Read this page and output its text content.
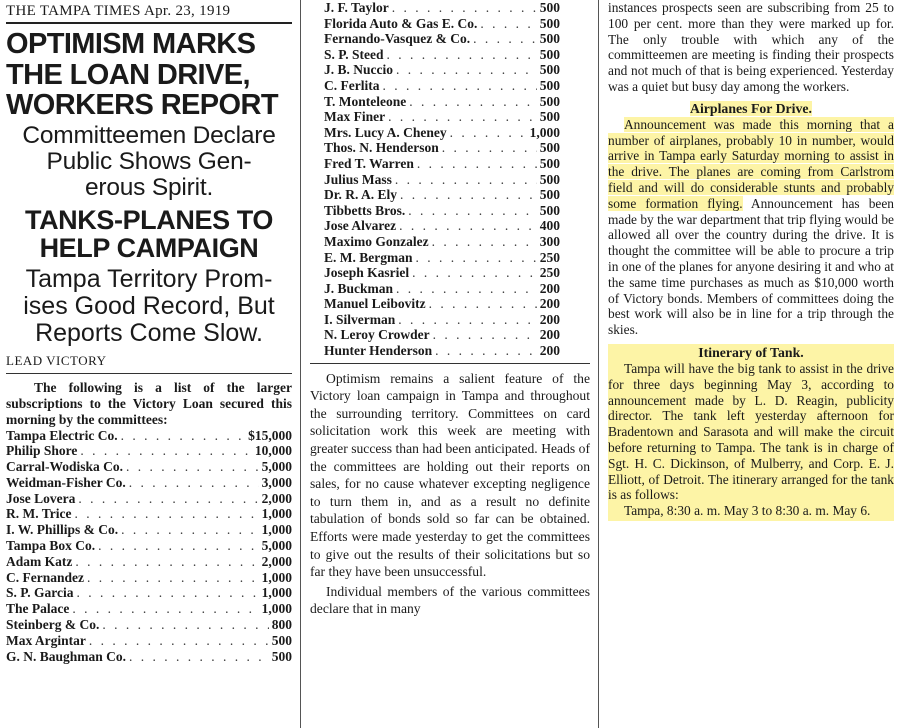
THE TAMPA TIMES Apr. 23, 1919
OPTIMISM MARKS
THE LOAN DRIVE,
WORKERS REPORT
Committeemen Declare
Public Shows Gen-
erous Spirit.
TANKS-PLANES TO
HELP CAMPAIGN
Tampa Territory Prom-
ises Good Record, But
Reports Come Slow.
LEAD VICTORY

The following is a list of the larger subscriptions to the Victory Loan secured this morning by the committees:

Tampa Electric Co. . . .	$15,000
Philip Shore . . .	10,000
Carral-Wodiska Co. . . .	5,000
Weidman-Fisher Co. . . .	3,000
Jose Lovera . . .	2,000
R. M. Trice . . .	1,000
I. W. Phillips & Co. . . .	1,000
Tampa Box Co. . . .	5,000
Adam Katz . . .	2,000
C. Fernandez . . .	1,000
S. P. Garcia . . .	1,000
The Palace . . .	1,000
Steinberg & Co. . . .	800
Max Argintar . . .	500
G. N. Baughman Co. . . .	500
J. F. Taylor . . .	500
Florida Auto & Gas E. Co. . . .	500
Fernando-Vasquez & Co. . . .	500
S. P. Steed . . .	500
J. B. Nuccio . . .	500
C. Ferlita . . .	500
T. Monteleone . . .	500
Max Finer . . .	500
Mrs. Lucy A. Cheney . . .	1,000
Thos. N. Henderson . . .	500
Fred T. Warren . . .	500
Julius Mass . . .	500
Dr. R. A. Ely . . .	500
Tibbetts Bros. . . .	500
Jose Alvarez . . .	400
Maximo Gonzalez . . .	300
E. M. Bergman . . .	250
Joseph Kasriel . . .	250
J. Buckman . . .	200
Manuel Leibovitz . . .	200
I. Silverman . . .	200
N. Leroy Crowder . . .	200
Hunter Henderson . . .	200

Optimism remains a salient feature of the Victory loan campaign in Tampa and throughout the surrounding territory. Committees on card solicitation work this week are meeting with greater success than had been anticipated. Heads of the committees are holding out their reports on sales, for no cause whatever excepting negligence to turn them in, and as a result no definite tabulation of bonds sold so far can be obtained. Efforts were made yesterday to get the committees to give out the results of their solicitations but so far they have been unsuccessful.

Individual members of the various committees declare that in many

instances prospects seen are subscribing from 25 to 100 per cent. more than they were marked up for. The only trouble with which any of the committeemen are meeting is finding their prospects and not much of that is being experienced. Yesterday was a quiet but busy day among the workers.

Airplanes For Drive.

Announcement was made this morning that a number of airplanes, probably 10 in number, would arrive in Tampa early Saturday morning to assist in the drive. The planes are coming from Carlstrom field and will do considerable stunts and probably some formation flying. Announcement has been made by the war department that trip flying would be allowed all over the country during the drive. It is thought the committee will be able to procure a trip in one of the planes for anyone desiring it and who at the same time purchases as much as $10,000 worth of Victory bonds. Members of committees doing the best work will also be in line for a trip through the skies.

Itinerary of Tank.

Tampa will have the big tank to assist in the drive for three days beginning May 3, according to announcement made by L. D. Reagin, publicity director. The tank left yesterday afternoon for Bradentown and Sarasota and will make the circuit before returning to Tampa. The tank is in charge of Sgt. H. C. Dickinson, of Mulberry, and Corp. E. J. Elliott, of Detroit. The itinerary arranged for the tank is as follows:

Tampa, 8:30 a. m. May 3 to 8:30 a. m. May 6.
